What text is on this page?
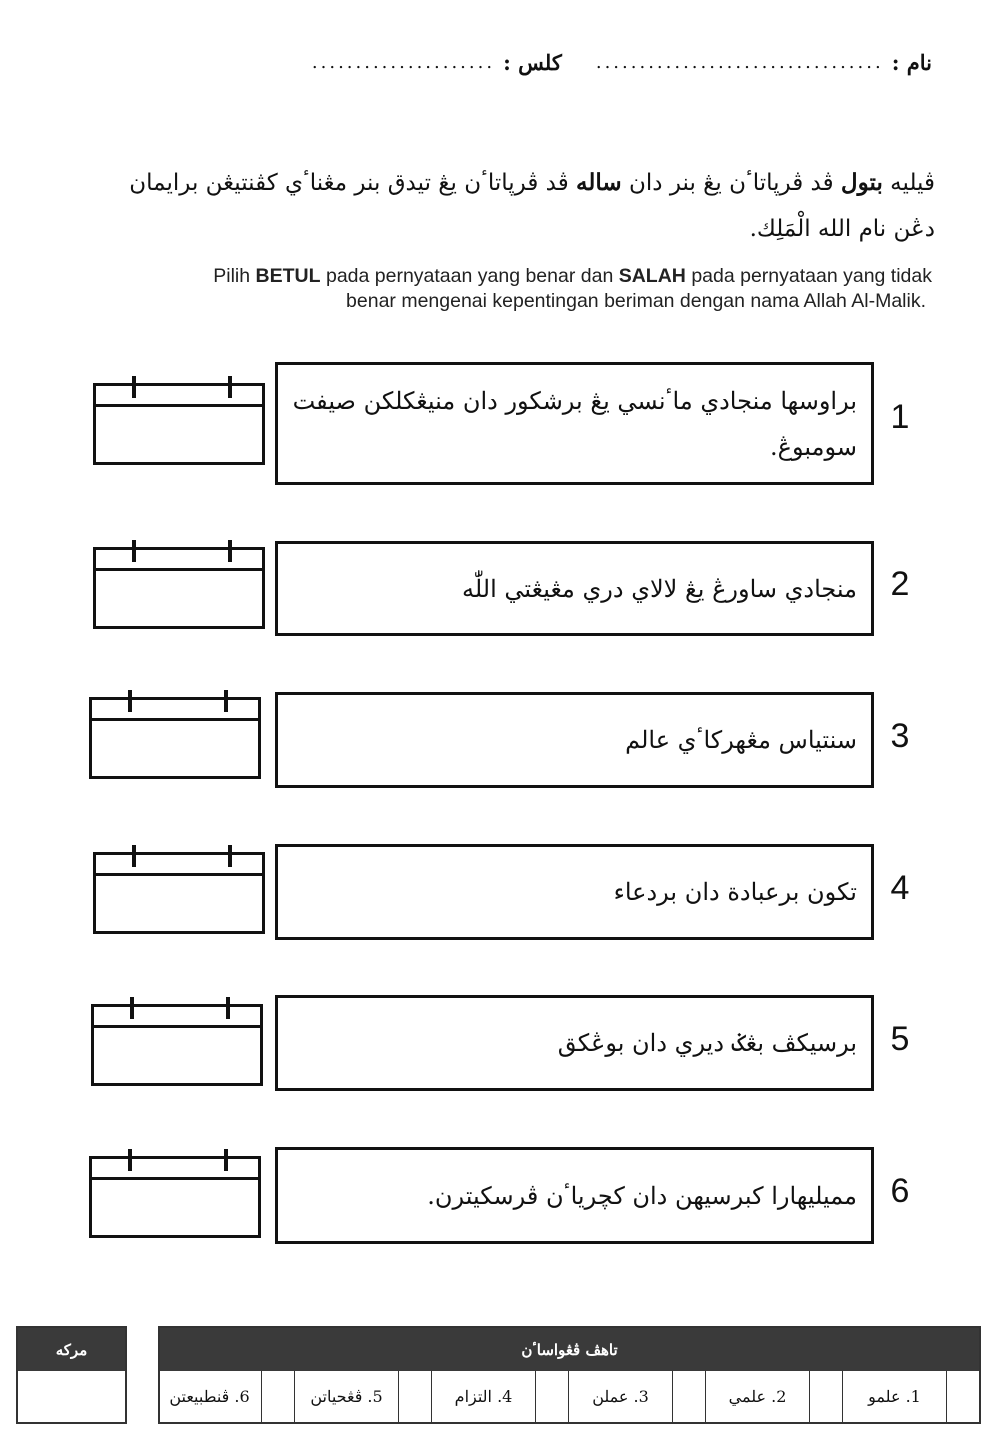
نام :
.................................
كلس :
.....................
ڤيليه بتول ڤد ڤرڽاتاٴن يڠ بنر دان ساله ڤد ڤرڽاتاٴن يڠ تيدق بنر مڠناٴي كڤنتيڠن برايمان دڠن نام الله الْمَلِك.
Pilih BETUL pada pernyataan yang benar dan SALAH pada pernyataan yang tidak
benar mengenai kepentingan beriman dengan nama Allah Al-Malik.
براوسها منجادي ماٴنسي يڠ برشكور دان منيڠكلكن صيفت سومبوڠ.
1
منجادي ساورڠ يڠ لالاي دري مڠيڠتي اللّٰه 2
سنتياس مڠهركاٴي عالم 3
تكون برعبادة دان بردعاء 4
برسيكڤ بڠݢ ديري دان بوڠكق 5
مميليهارا كبرسيهن دان كچرياٴن ڤرسكيترن. 6
مركه	تاهڤ ڤڠواساٴن
1. علمو
2. علمي
3. عملن
4. التزام
5. ڤڠحياتن
6. ڤنطبيعتن
